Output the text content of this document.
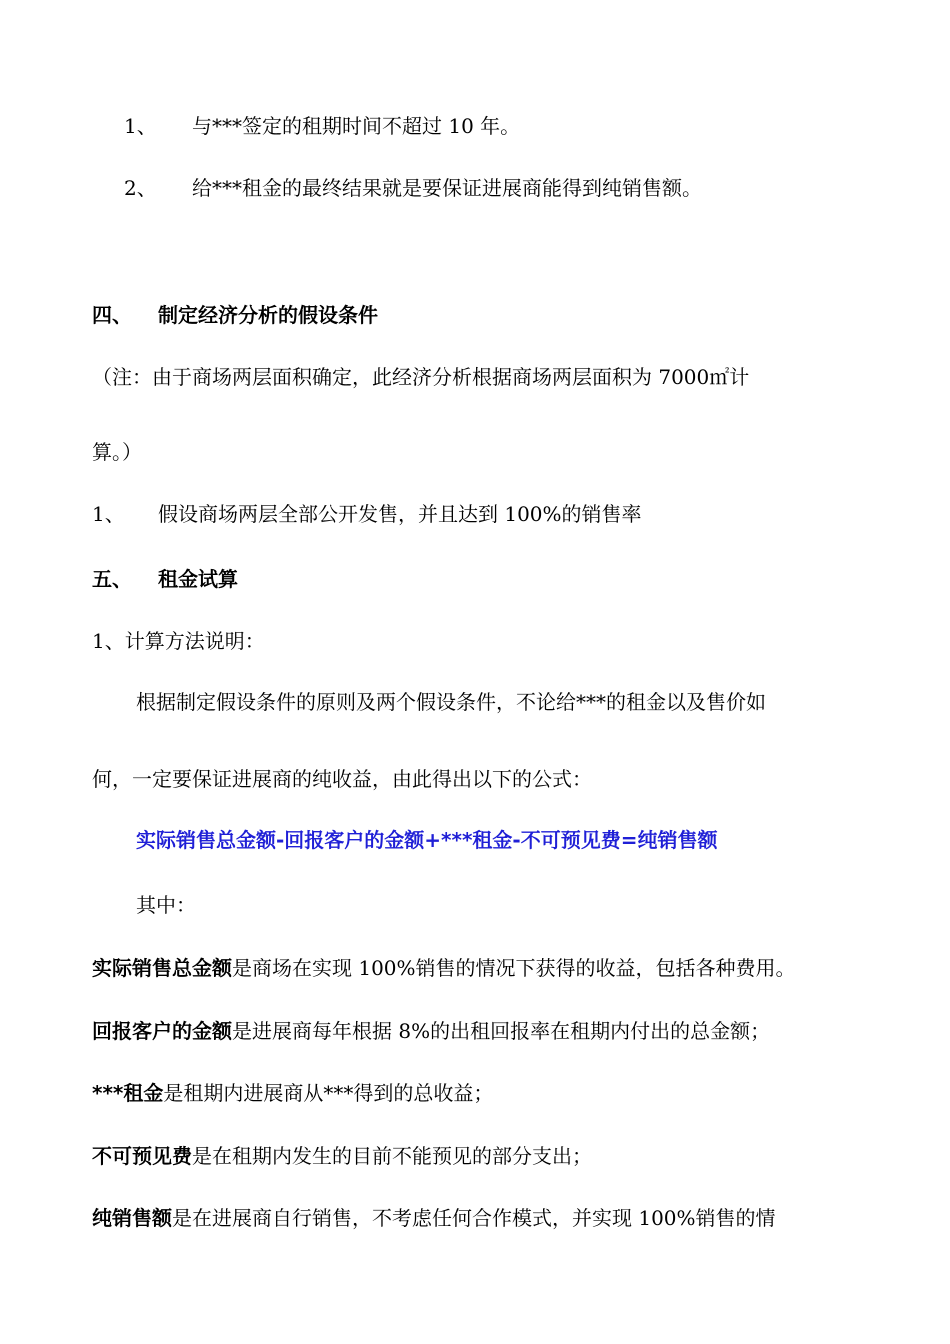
1、 与***签定的租期时间不超过 10 年。
2、 给***租金的最终结果就是要保证进展商能得到纯销售额。
四、 制定经济分析的假设条件
（注：由于商场两层面积确定，此经济分析根据商场两层面积为 7000㎡计
算。）
1、 假设商场两层全部公开发售，并且达到 100%的销售率
五、 租金试算
1、计算方法说明：
根据制定假设条件的原则及两个假设条件，不论给***的租金以及售价如
何，一定要保证进展商的纯收益，由此得出以下的公式：
实际销售总金额-回报客户的金额+***租金-不可预见费=纯销售额
其中：
实际销售总金额是商场在实现 100%销售的情况下获得的收益，包括各种费用。
回报客户的金额是进展商每年根据 8%的出租回报率在租期内付出的总金额；
***租金是租期内进展商从***得到的总收益；
不可预见费是在租期内发生的目前不能预见的部分支出；
纯销售额是在进展商自行销售，不考虑任何合作模式，并实现 100%销售的情
